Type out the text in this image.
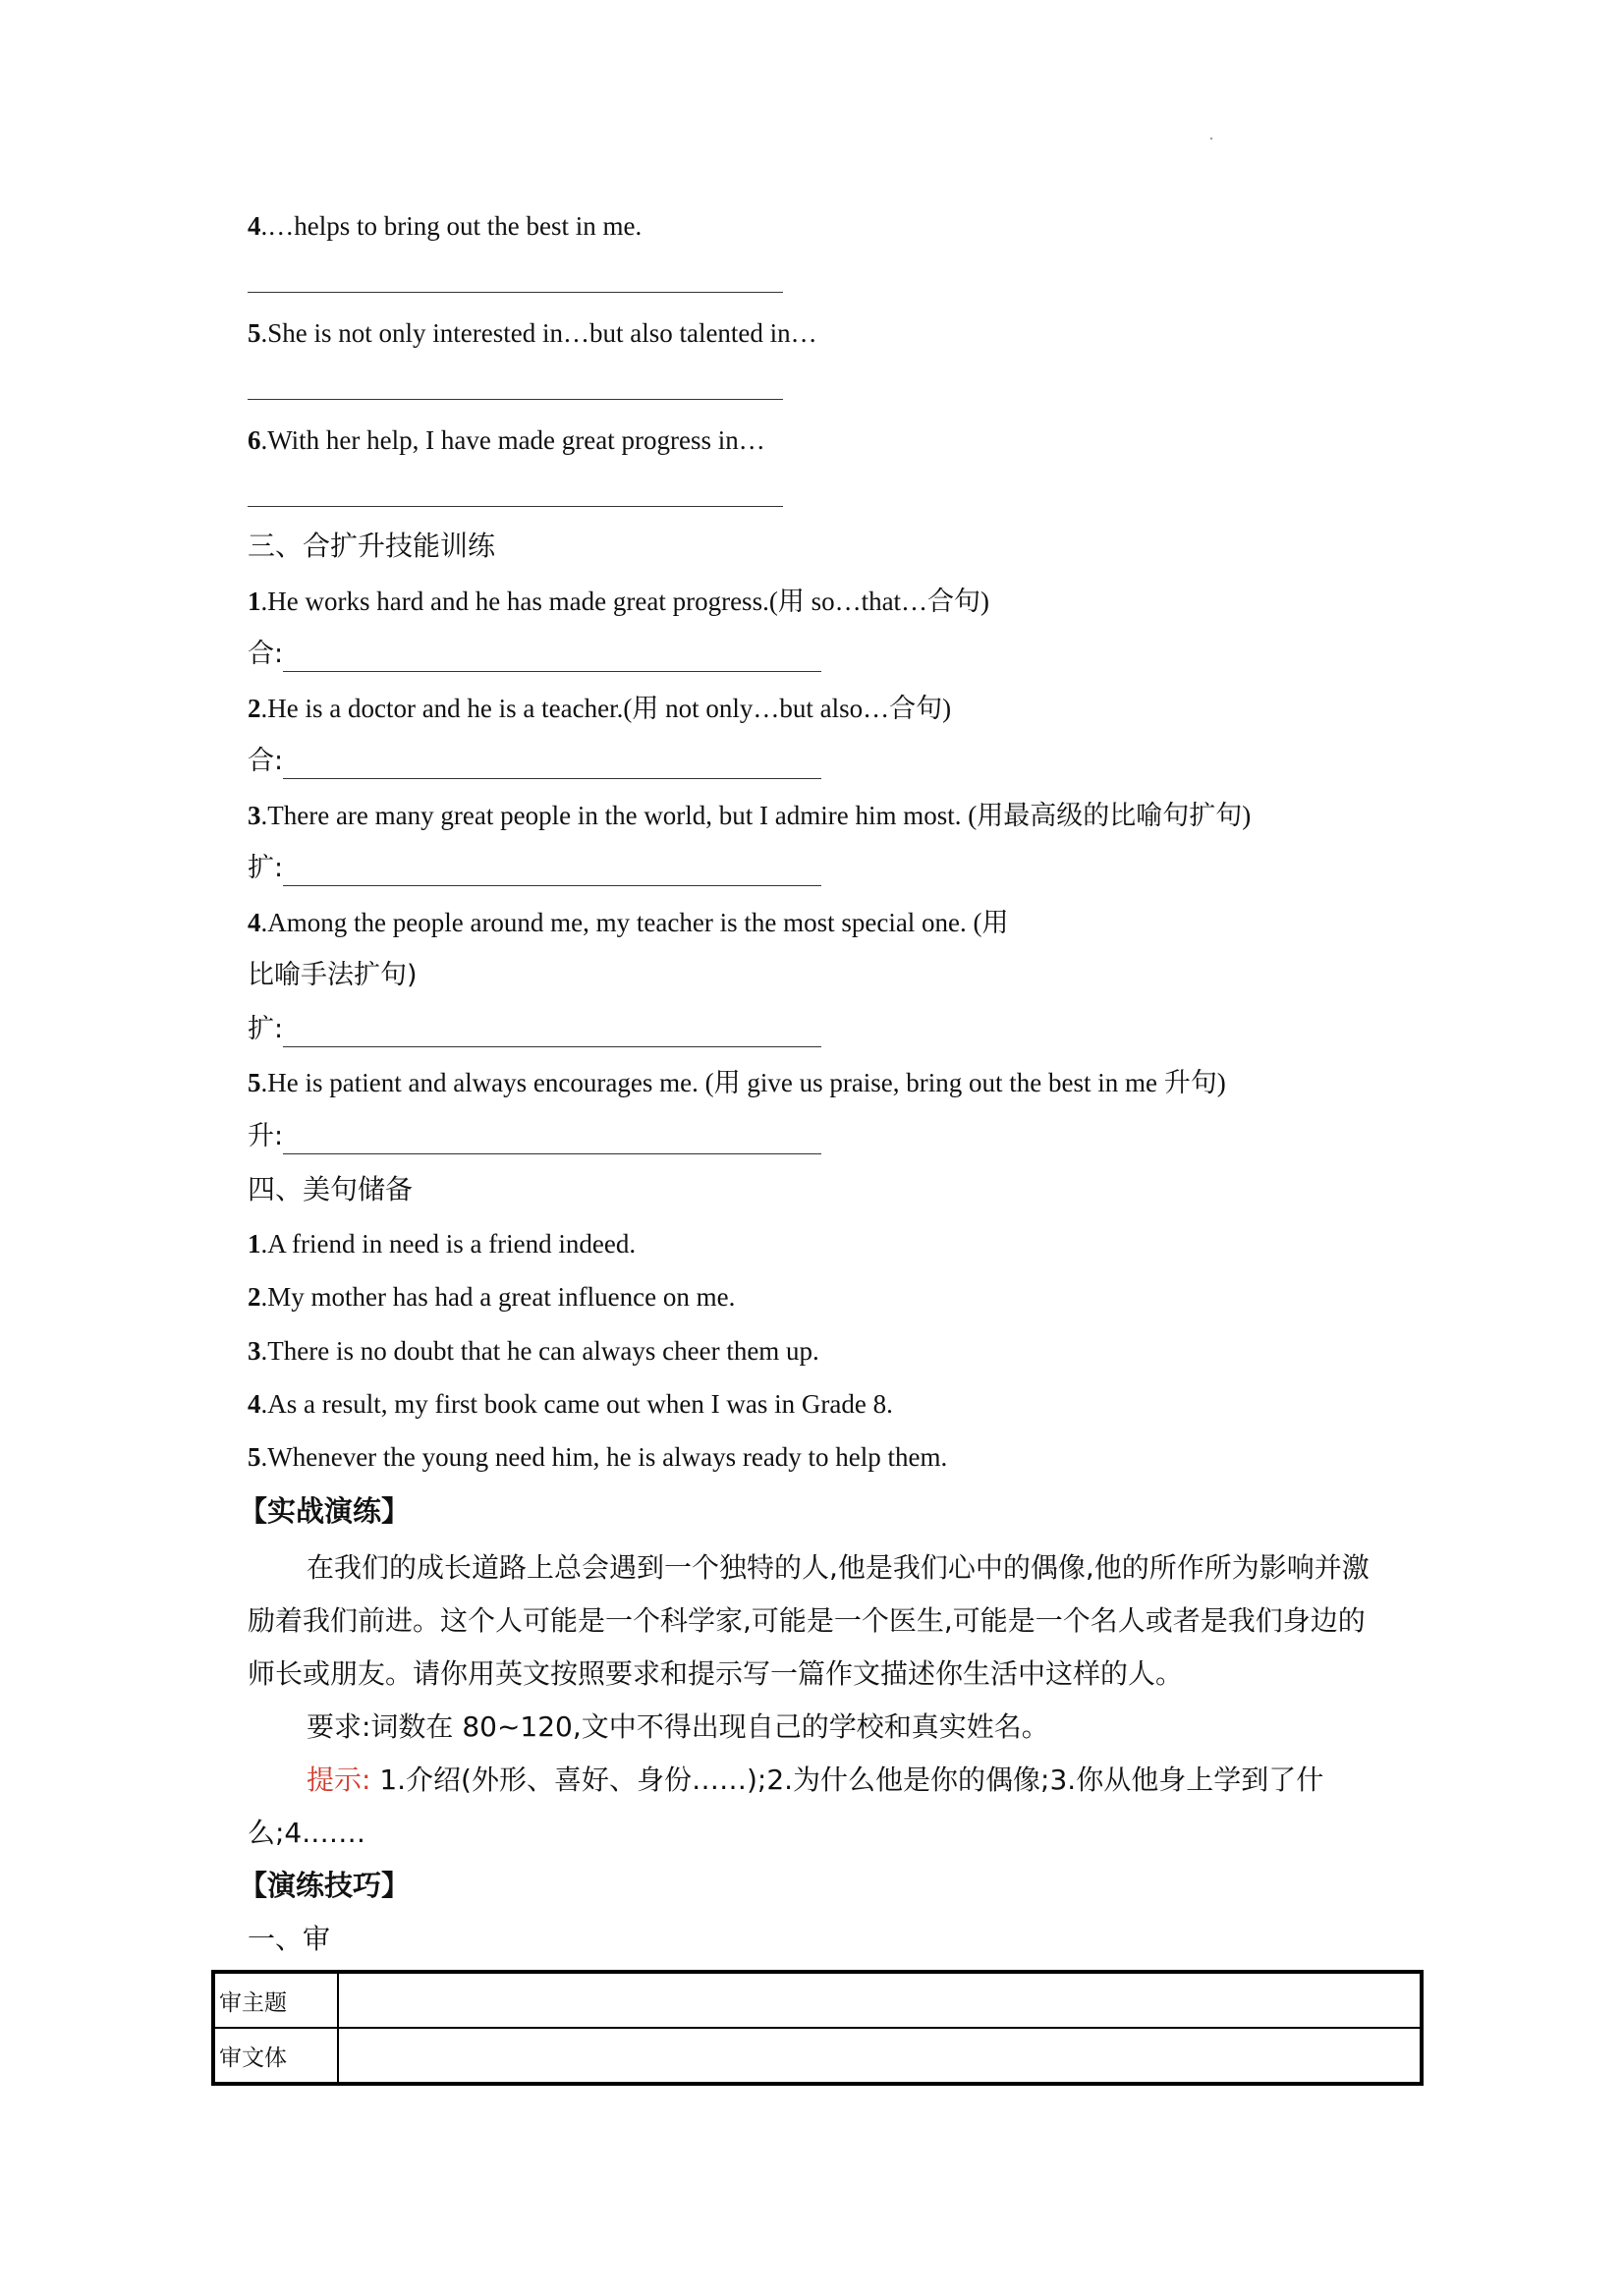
4.…helps to bring out the best in me.
5.She is not only interested in…but also talented in…
6.With her help, I have made great progress in…
三、合扩升技能训练
1.He works hard and he has made great progress.(用 so…that…合句)
合:
2.He is a doctor and he is a teacher.(用 not only…but also…合句)
合:
3.There are many great people in the world, but I admire him most. (用最高级的比喻句扩句)
扩:
4.Among the people around me, my teacher is the most special one. (用
比喻手法扩句)
扩:
5.He is patient and always encourages me. (用 give us praise, bring out the best in me 升句)
升:
四、美句储备
1.A friend in need is a friend indeed.
2.My mother has had a great influence on me.
3.There is no doubt that he can always cheer them up.
4.As a result, my first book came out when I was in Grade 8.
5.Whenever the young need him, he is always ready to help them.
【实战演练】
在我们的成长道路上总会遇到一个独特的人,他是我们心中的偶像,他的所作所为影响并激励着我们前进。这个人可能是一个科学家,可能是一个医生,可能是一个名人或者是我们身边的师长或朋友。请你用英文按照要求和提示写一篇作文描述你生活中这样的人。
要求:词数在 80~120,文中不得出现自己的学校和真实姓名。
提示: 1.介绍(外形、喜好、身份……);2.为什么他是你的偶像;3.你从他身上学到了什么;4.……
【演练技巧】
一、审
审主题	
审文体	
